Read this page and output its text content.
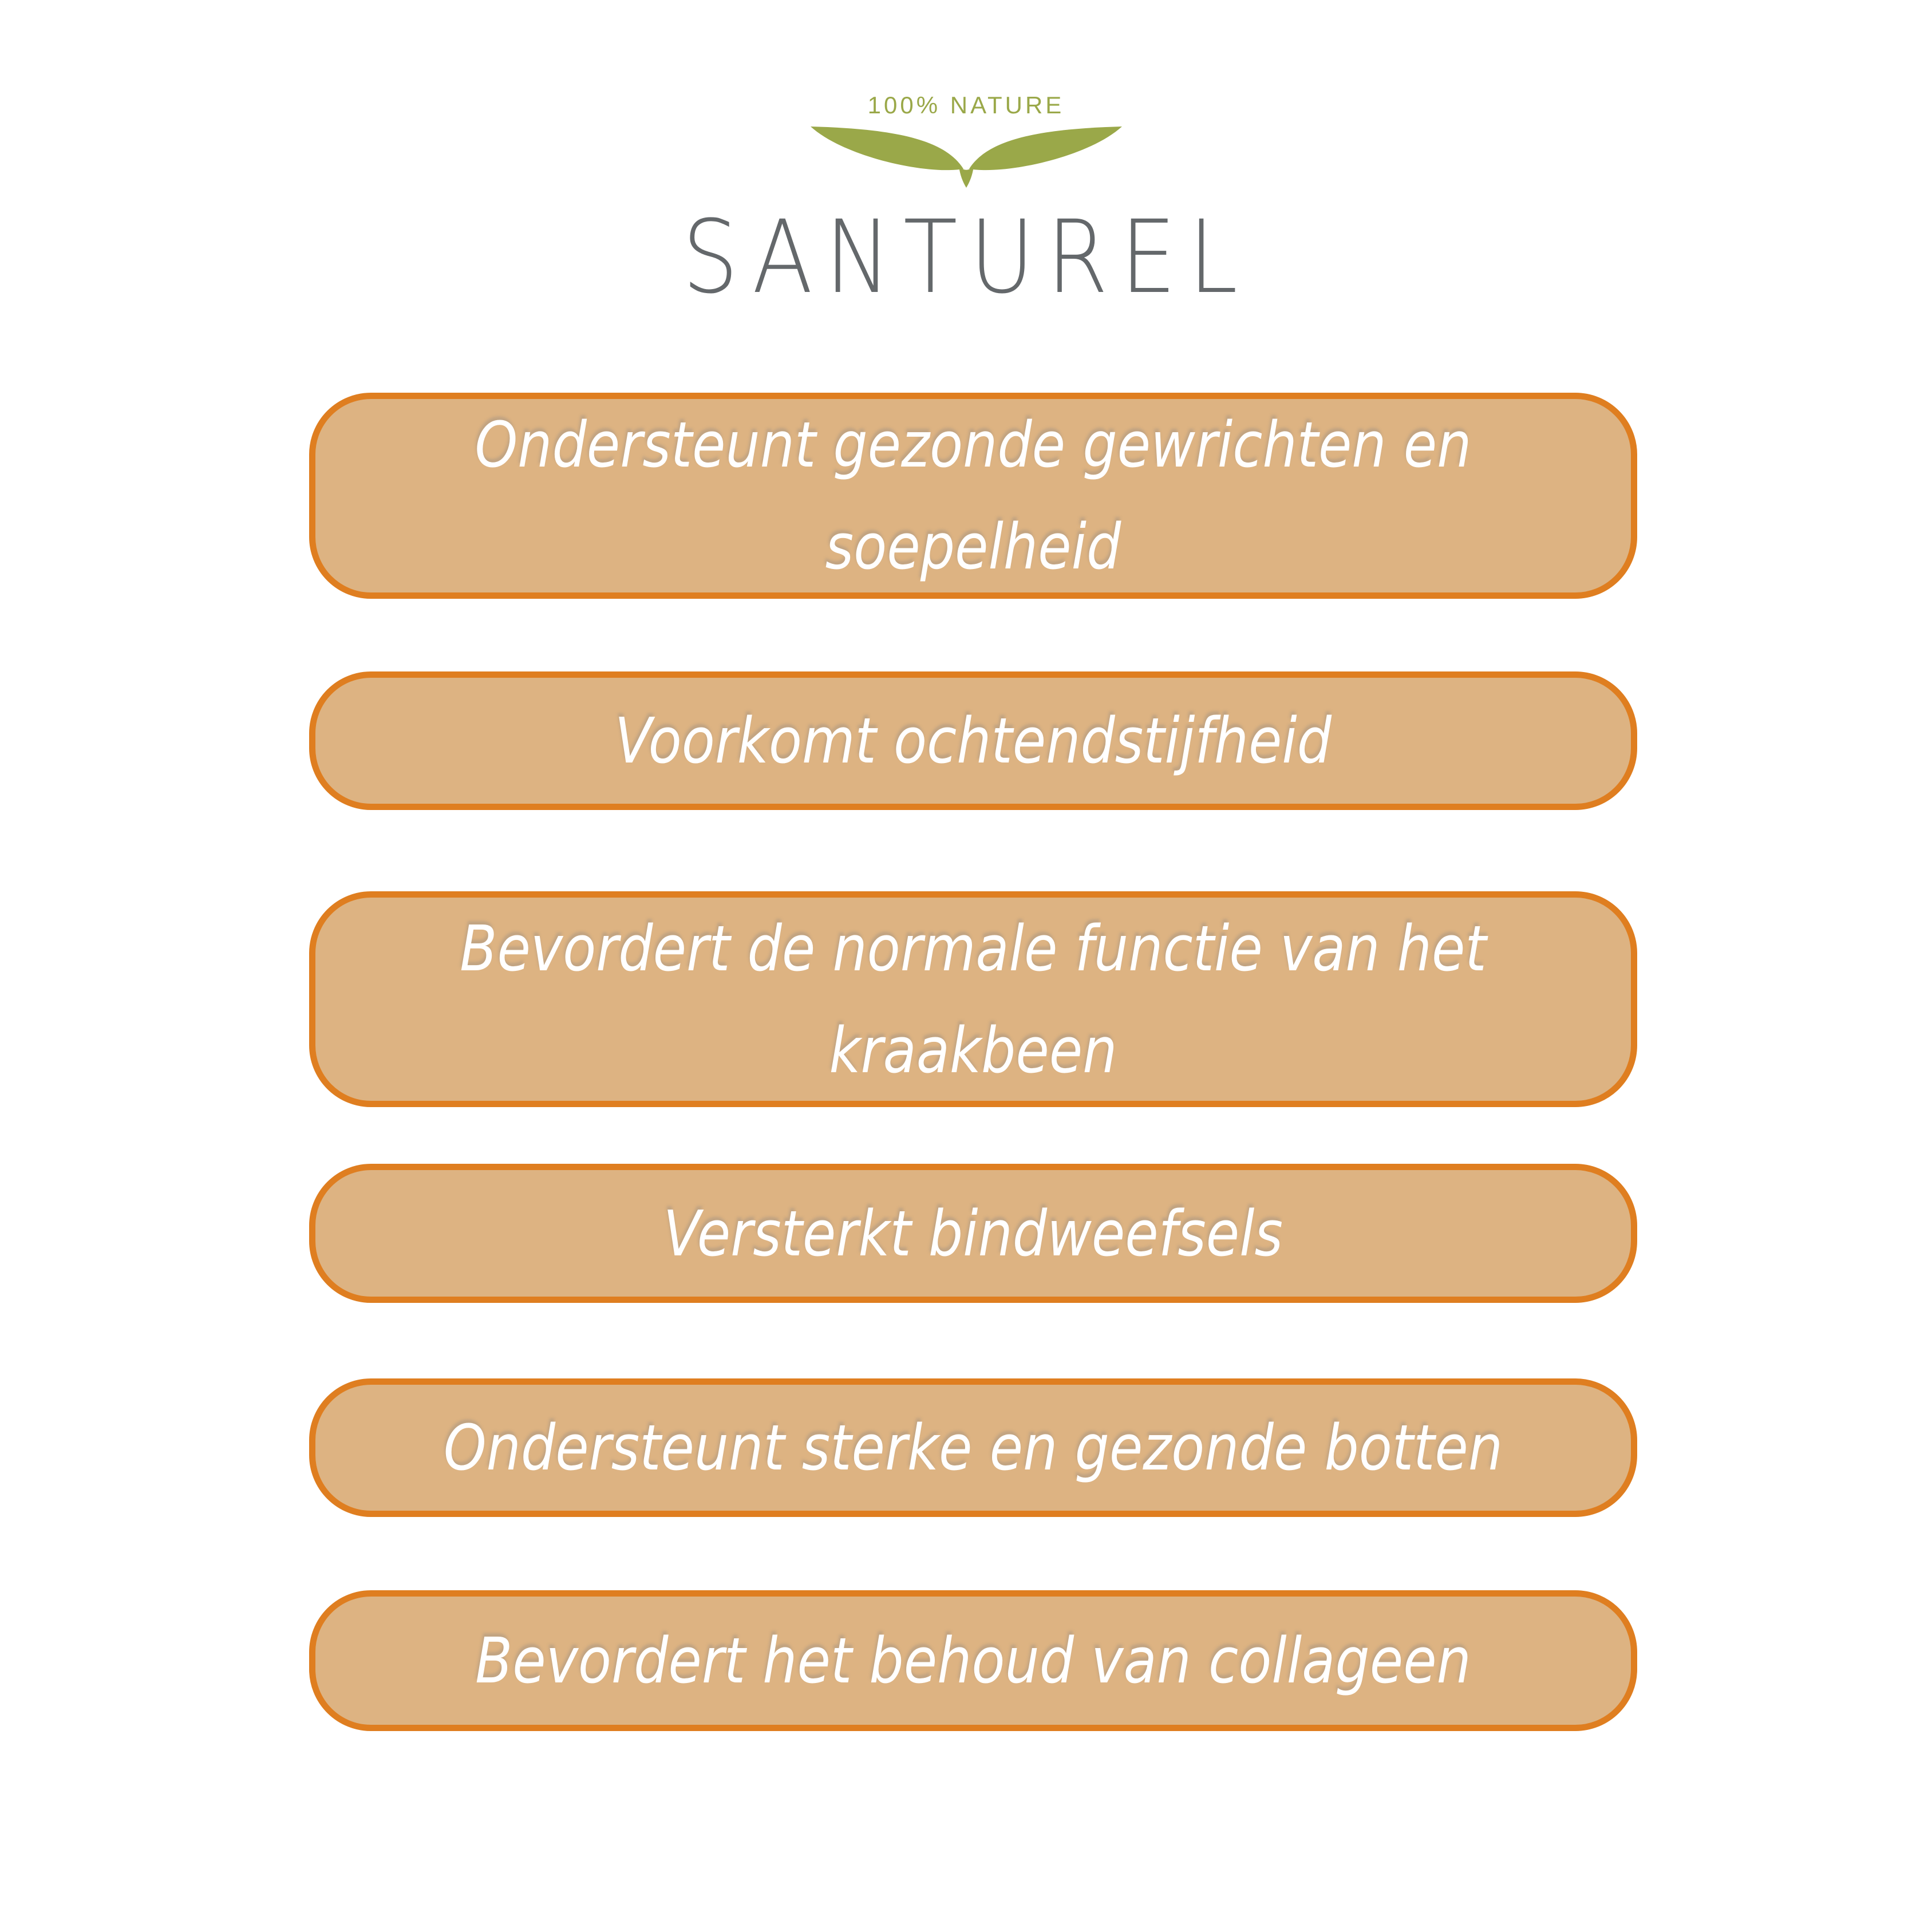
100% NATURE
SANTUREL
Ondersteunt gezonde gewrichten en soepelheid
Voorkomt ochtendstijfheid
Bevordert de normale functie van het kraakbeen
Versterkt bindweefsels
Ondersteunt sterke en gezonde botten
Bevordert het behoud van collageen
